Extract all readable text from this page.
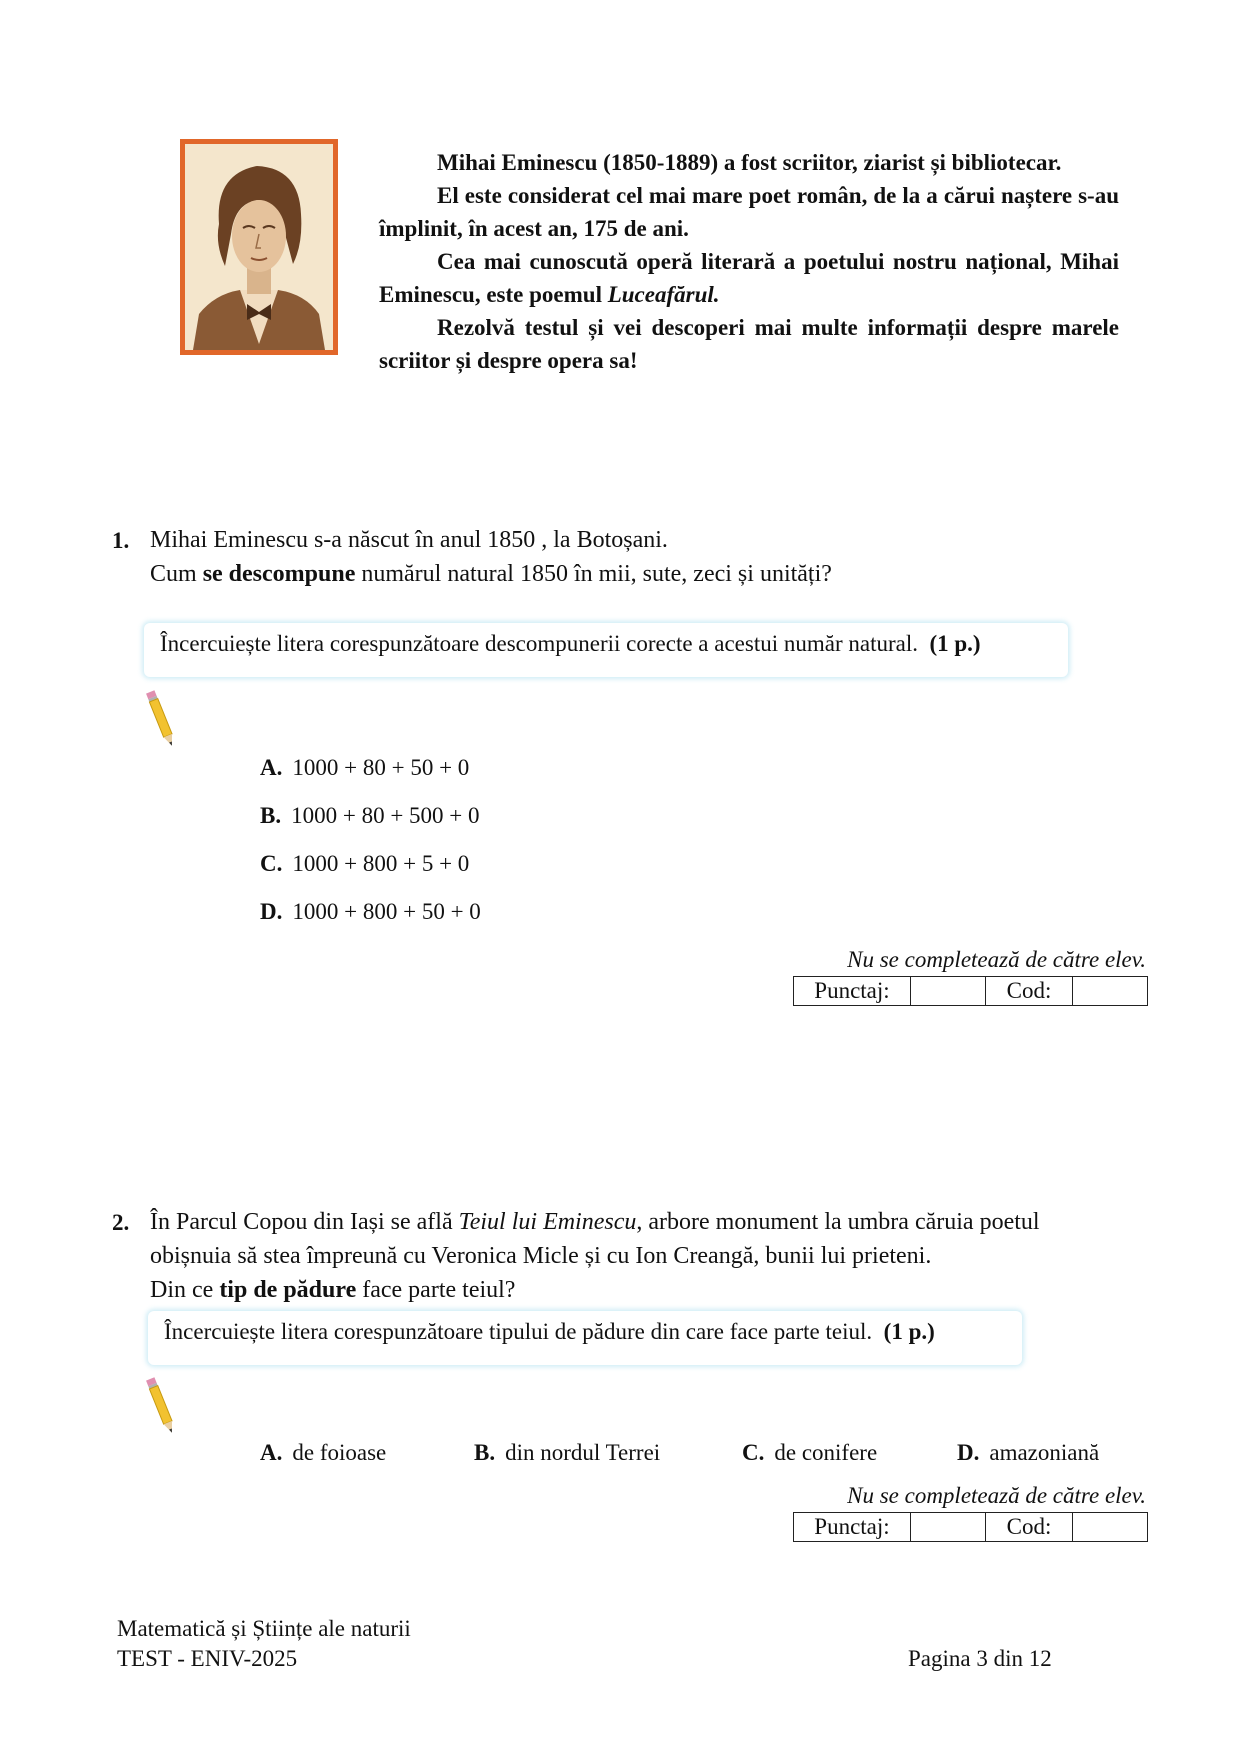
Mihai Eminescu (1850-1889) a fost scriitor, ziarist și bibliotecar.

El este considerat cel mai mare poet român, de la a cărui naștere s-au împlinit, în acest an, 175 de ani.

Cea mai cunoscută operă literară a poetului nostru național, Mihai Eminescu, este poemul Luceafărul.

Rezolvă testul și vei descoperi mai multe informații despre marele scriitor și despre opera sa!

1. Mihai Eminescu s-a născut în anul 1850 , la Botoșani.
Cum se descompune numărul natural 1850 în mii, sute, zeci și unități?
Încercuiește litera corespunzătoare descompunerii corecte a acestui număr natural. (1 p.)
A. 1000 + 80 + 50 + 0
B. 1000 + 80 + 500 + 0
C. 1000 + 800 + 5 + 0
D. 1000 + 800 + 50 + 0
Nu se completează de către elev.
Punctaj:		Cod:	
2. În Parcul Copou din Iași se află Teiul lui Eminescu, arbore monument la umbra căruia poetul
obișnuia să stea împreună cu Veronica Micle și cu Ion Creangă, bunii lui prieteni.
Din ce tip de pădure face parte teiul?
Încercuiește litera corespunzătoare tipului de pădure din care face parte teiul. (1 p.)
A. de foioase	B. din nordul Terrei	C. de conifere	D. amazoniană
Nu se completează de către elev.
Punctaj:		Cod:	
Matematică și Științe ale naturii
TEST - ENIV-2025	Pagina 3 din 12
